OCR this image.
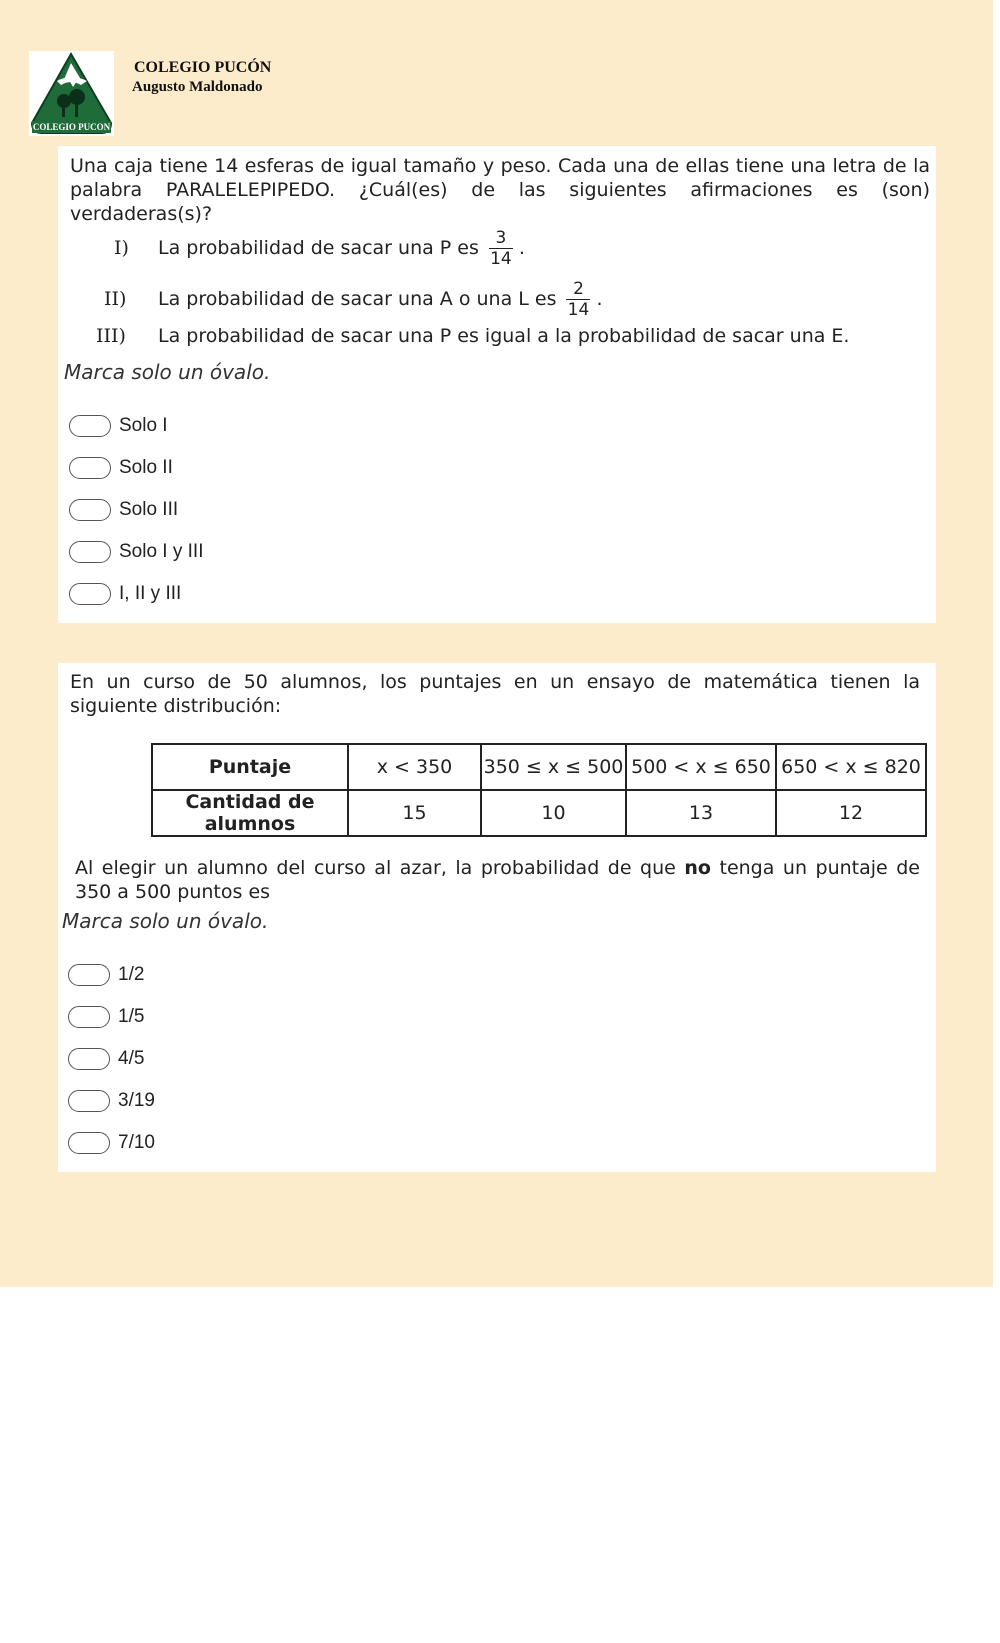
COLEGIO PUCON
COLEGIO PUCÓN
Augusto Maldonado
Una caja tiene 14 esferas de igual tamaño y peso. Cada una de ellas tiene una letra de la palabra PARALELEPIPEDO. ¿Cuál(es) de las siguientes afirmaciones es (son) verdaderas(s)?
I) La probabilidad de sacar una P es $\frac{3}{14}$ .
II) La probabilidad de sacar una A o una L es $\frac{2}{14}$ .
III) La probabilidad de sacar una P es igual a la probabilidad de sacar una E.
Marca solo un óvalo.
Solo I
Solo II
Solo III
Solo I y III
I, II y III
En un curso de 50 alumnos, los puntajes en un ensayo de matemática tienen la siguiente distribución:
Puntaje	x < 350	350 ≤ x ≤ 500	500 < x ≤ 650	650 < x ≤ 820

Cantidad de
alumnos	15	10	13	12
Al elegir un alumno del curso al azar, la probabilidad de que no tenga un puntaje de 350 a 500 puntos es
Marca solo un óvalo.
1/2
1/5
4/5
3/19
7/10
